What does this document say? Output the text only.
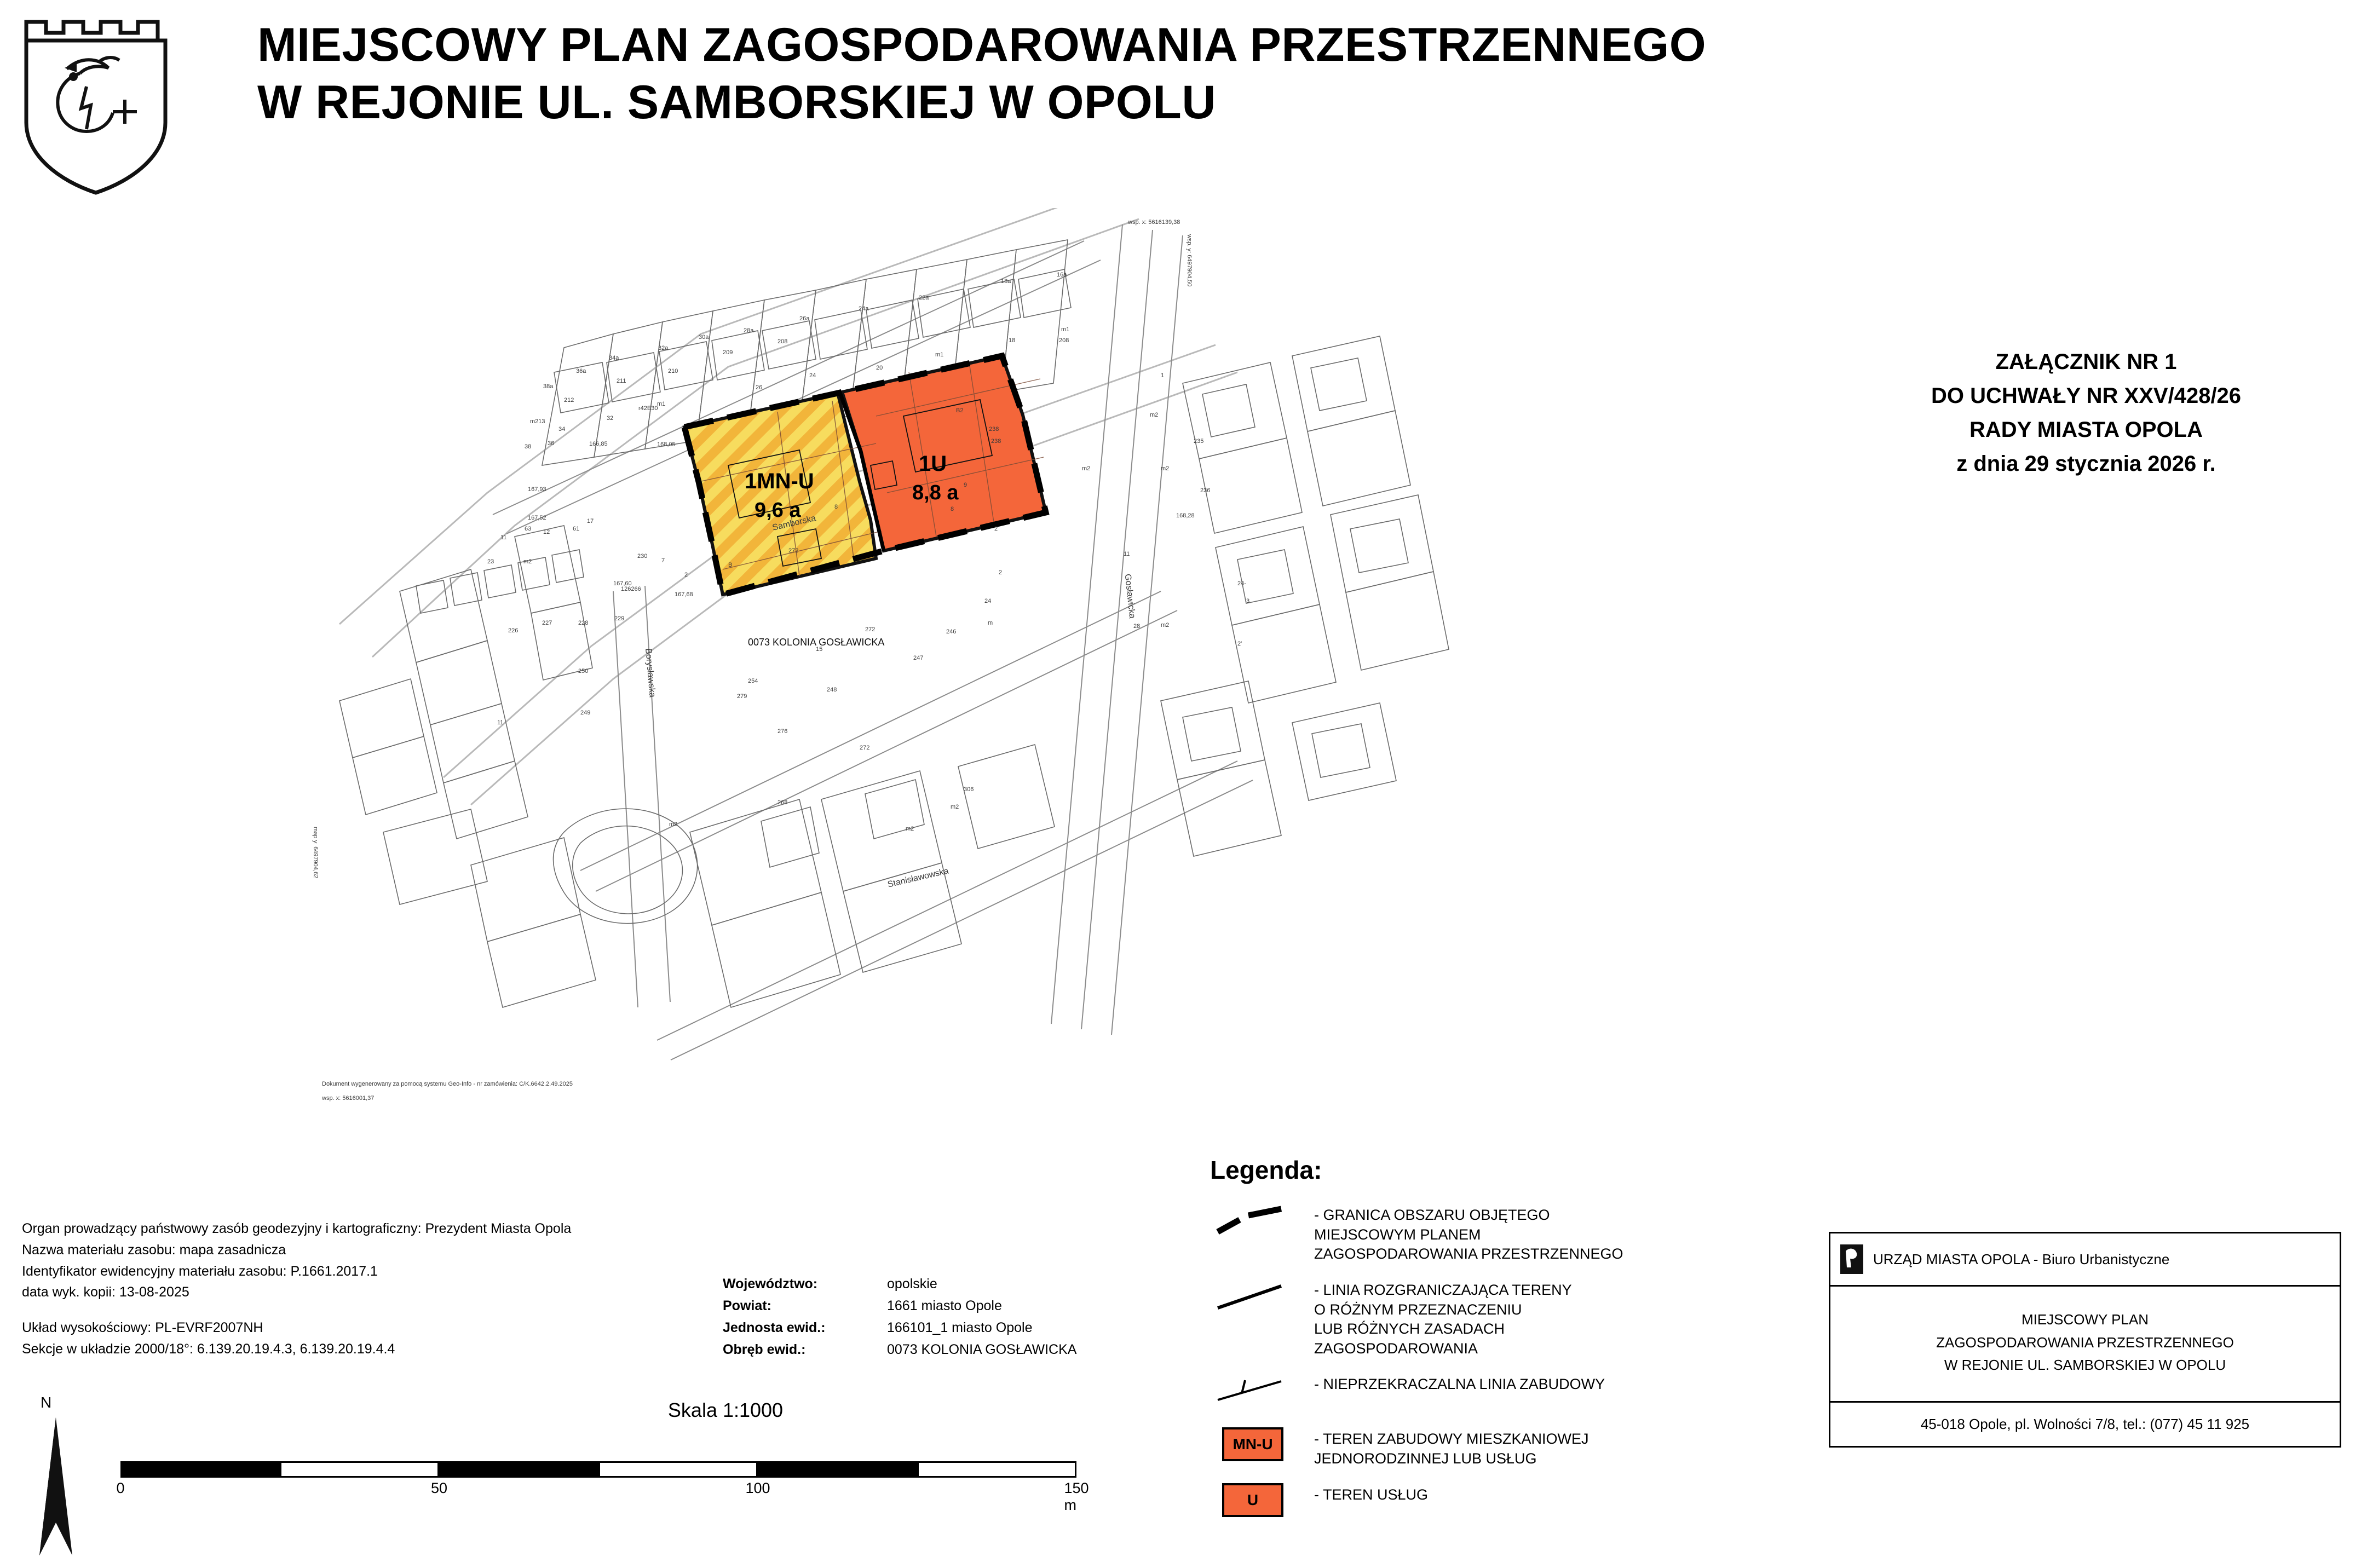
MIEJSCOWY PLAN ZAGOSPODAROWANIA PRZESTRZENNEGO
W REJONIE UL. SAMBORSKIEJ W OPOLU
ZAŁĄCZNIK NR 1
DO UCHWAŁY NR XXV/428/26
RADY MIASTA OPOLA
z dnia 29 stycznia 2026 r.
1MN-U
9,6 a
1U
8,8 a
Samborska
Gosławicka
Borysławska
Stanisławowska
0073 KOLONIA GOSŁAWICKA
wsp. x: 5616139,38
wsp. y: 6497904,50
map y: 6497904,62
wsp. x: 5616001,37
Dokument wygenerowany za pomocą systemu Geo-Info - nr zamówienia: C/K.6642.2.49.2025
212
211
210
209
208
m213
38a
36a
34a
32a
30a
28a
26a
24a
22a
18a
16a
34
32
38	36
m1
26
24
20
m1
18	208
m1
1
m2
m2	m2
235
236
168,28
11
24-
3
2'
m2
28
24
m
2
246
247
15
248
254
250
249
11
226
227	228
229
126266
230
23
11
m2
12	61
17
63
7
2
B
272
8	8
9
B2
238
238
2
272
279
276
m2
306
m2
m2
268
272
r42E30
166,85
167,93
167,52
168,05
167,60
167,68
Organ prowadzący państwowy zasób geodezyjny i kartograficzny: Prezydent Miasta Opola
Nazwa materiału zasobu: mapa zasadnicza
Identyfikator ewidencyjny materiału zasobu: P.1661.2017.1
data wyk. kopii: 13-08-2025
Układ wysokościowy: PL-EVRF2007NH
Sekcje w układzie 2000/18°: 6.139.20.19.4.3, 6.139.20.19.4.4
Województwo:	opolskie
Powiat:	1661 miasto Opole
Jednosta ewid.:	166101_1 miasto Opole
Obręb ewid.:	0073 KOLONIA GOSŁAWICKA
N	Skala 1:1000
0	50	100	150 m
Legenda:
- GRANICA OBSZARU OBJĘTEGO
MIEJSCOWYM PLANEM
ZAGOSPODAROWANIA PRZESTRZENNEGO
- LINIA ROZGRANICZAJĄCA TERENY
O RÓŻNYM PRZEZNACZENIU
LUB RÓŻNYCH ZASADACH
ZAGOSPODAROWANIA
- NIEPRZEKRACZALNA LINIA ZABUDOWY
MN-U	- TEREN ZABUDOWY MIESZKANIOWEJ
JEDNORODZINNEJ LUB USŁUG
U	- TEREN USŁUG
URZĄD MIASTA OPOLA - Biuro Urbanistyczne
MIEJSCOWY PLAN
ZAGOSPODAROWANIA PRZESTRZENNEGO
W REJONIE UL. SAMBORSKIEJ W OPOLU
45-018 Opole, pl. Wolności 7/8, tel.: (077) 45 11 925
